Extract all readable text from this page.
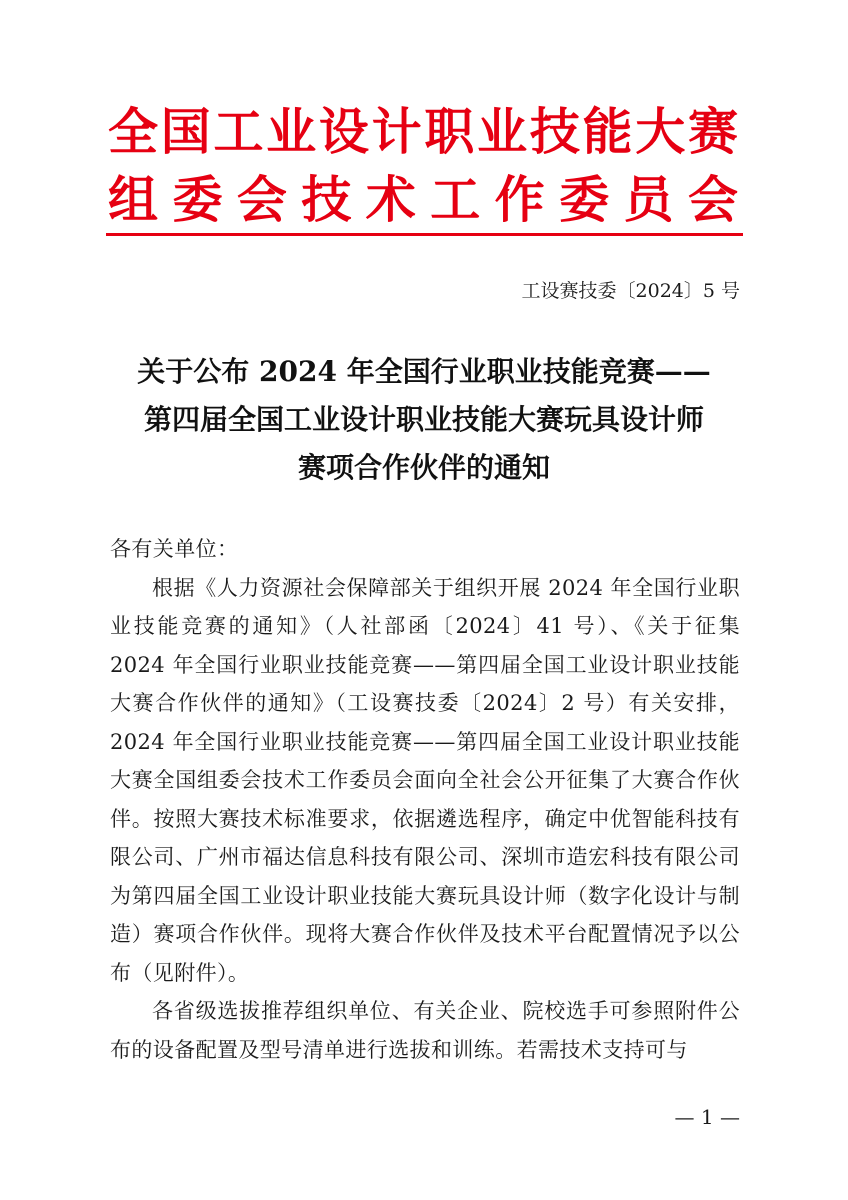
全国工业设计职业技能大赛
组委会技术工作委员会
工设赛技委〔2024〕5 号
关于公布 2024 年全国行业职业技能竞赛——
第四届全国工业设计职业技能大赛玩具设计师
赛项合作伙伴的通知

各有关单位：

根据《人力资源社会保障部关于组织开展 2024 年全国行业职业技能竞赛的通知》（人社部函〔2024〕41 号）、《关于征集 2024 年全国行业职业技能竞赛——第四届全国工业设计职业技能大赛合作伙伴的通知》（工设赛技委〔2024〕2 号）有关安排，2024 年全国行业职业技能竞赛——第四届全国工业设计职业技能大赛全国组委会技术工作委员会面向全社会公开征集了大赛合作伙伴。按照大赛技术标准要求，依据遴选程序，确定中优智能科技有限公司、广州市福达信息科技有限公司、深圳市造宏科技有限公司为第四届全国工业设计职业技能大赛玩具设计师（数字化设计与制造）赛项合作伙伴。现将大赛合作伙伴及技术平台配置情况予以公布（见附件）。

各省级选拔推荐组织单位、有关企业、院校选手可参照附件公布的设备配置及型号清单进行选拔和训练。若需技术支持可与

— 1 —
